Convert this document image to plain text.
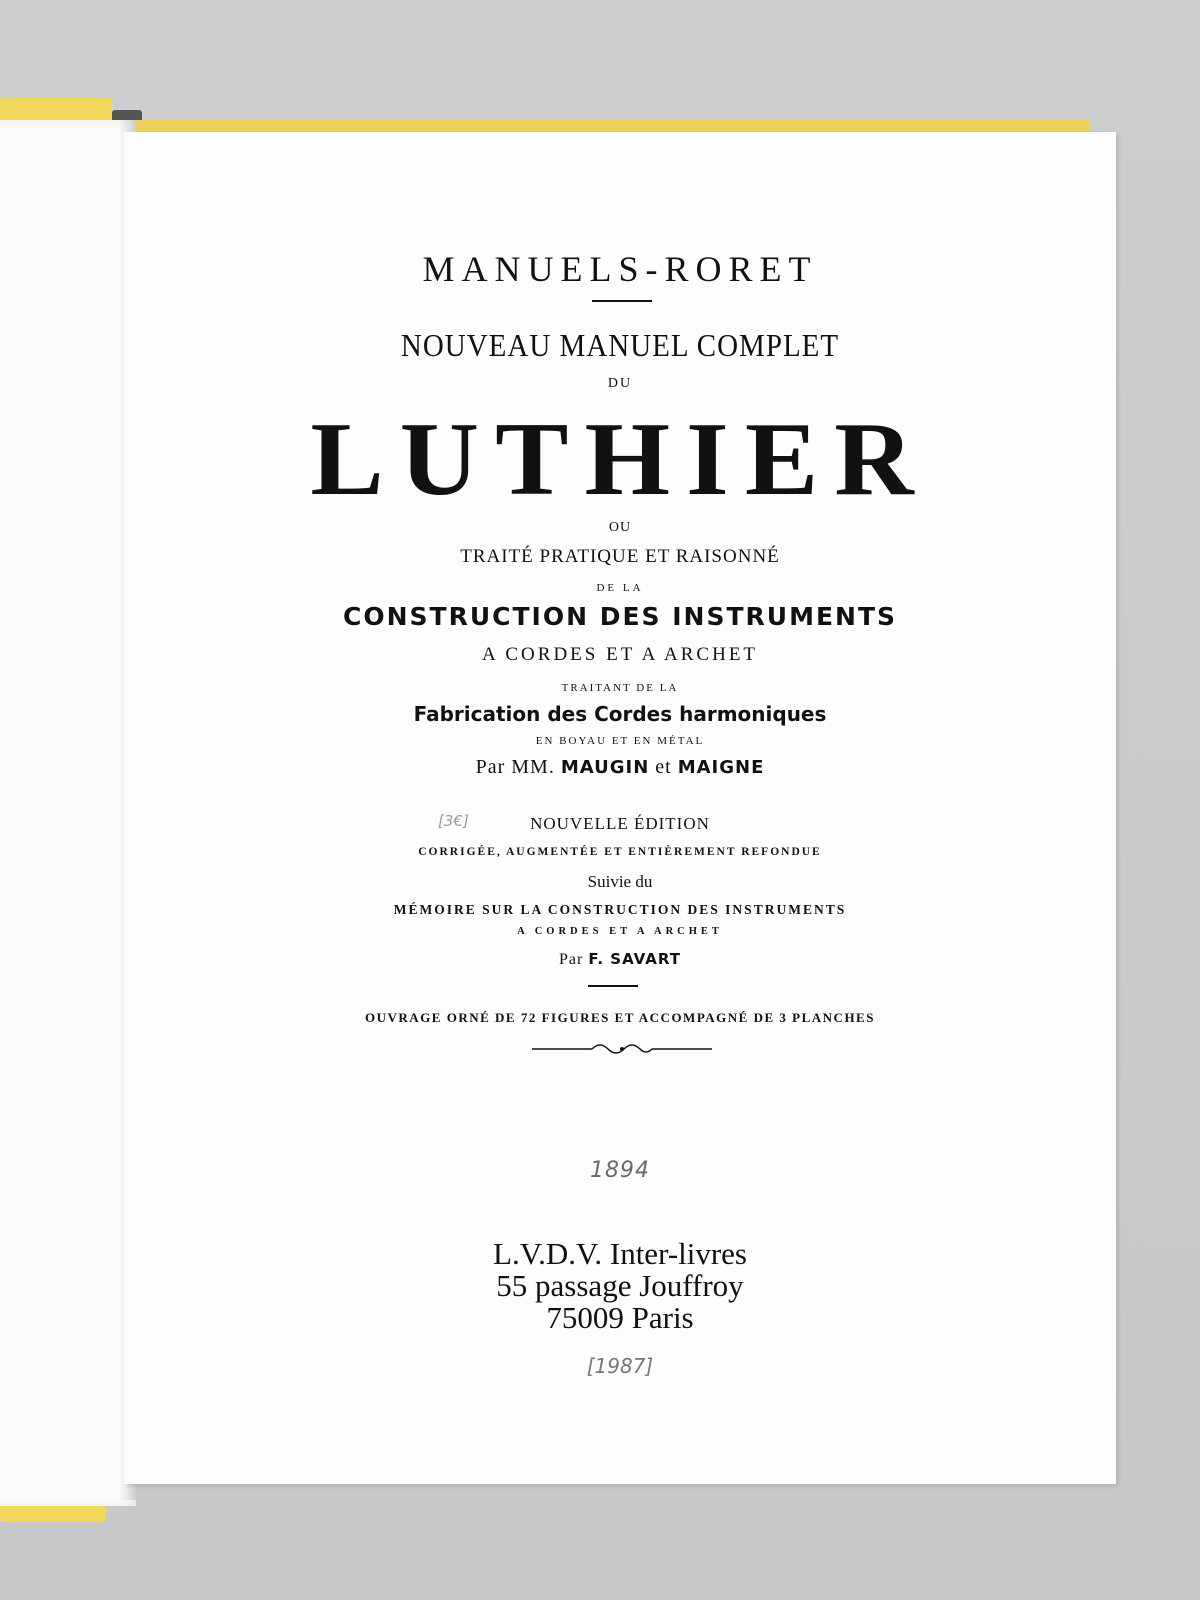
MANUELS-RORET
NOUVEAU MANUEL COMPLET
DU
LUTHIER
OU
TRAITÉ PRATIQUE ET RAISONNÉ
DE LA
CONSTRUCTION DES INSTRUMENTS
A CORDES ET A ARCHET
TRAITANT DE LA
Fabrication des Cordes harmoniques
EN BOYAU ET EN MÉTAL
Par MM. MAUGIN et MAIGNE
[3€]	NOUVELLE ÉDITION
CORRIGÉE, AUGMENTÉE ET ENTIÈREMENT REFONDUE
Suivie du
MÉMOIRE SUR LA CONSTRUCTION DES INSTRUMENTS
A CORDES ET A ARCHET
Par F. SAVART
OUVRAGE ORNÉ DE 72 FIGURES ET ACCOMPAGNÉ DE 3 PLANCHES
1894
L.V.D.V. Inter-livres
55 passage Jouffroy
75009 Paris
[1987]
